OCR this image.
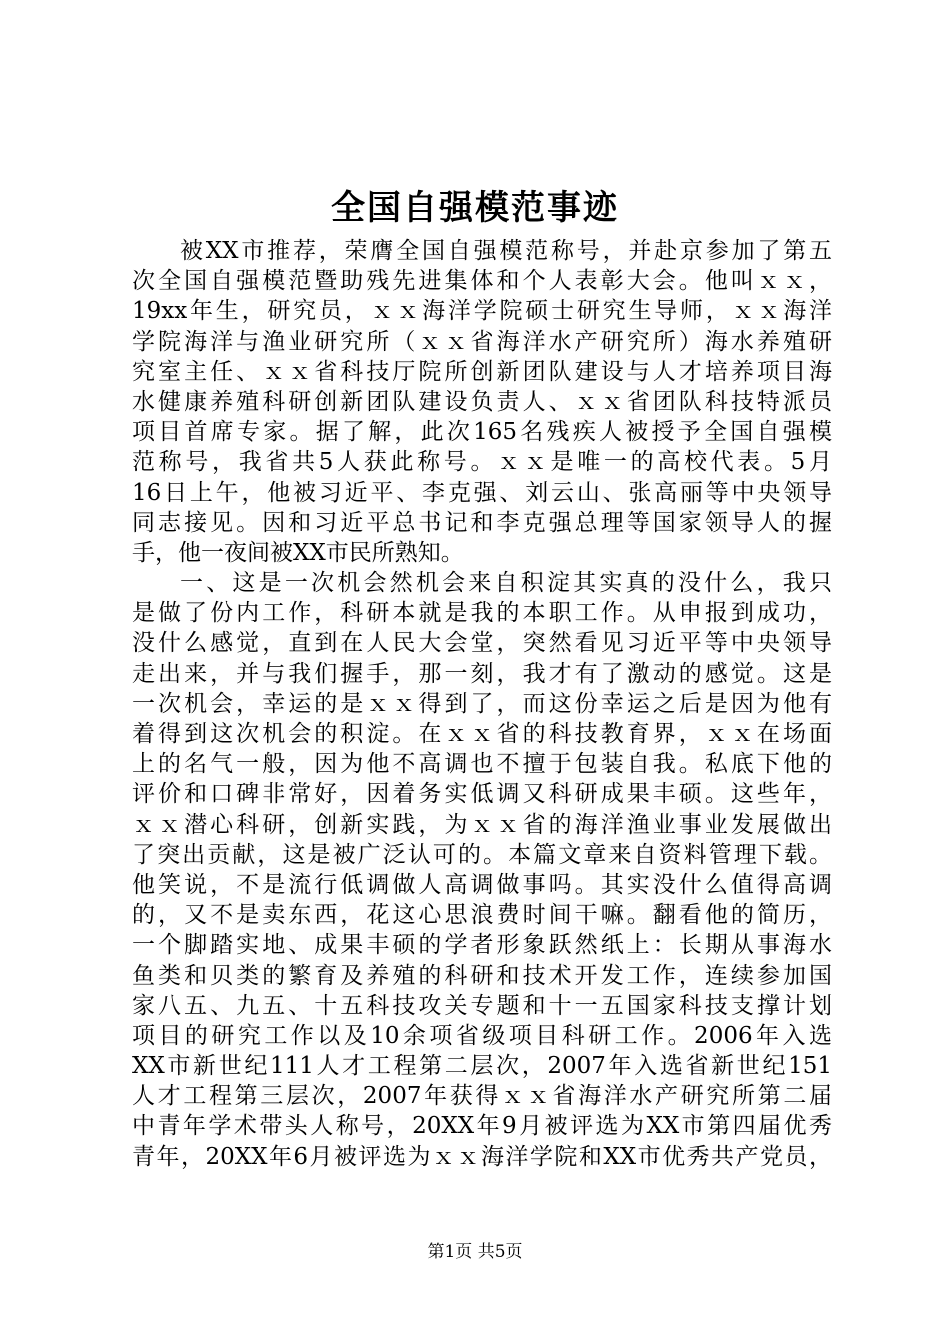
全国自强模范事迹
被XX市推荐，荣膺全国自强模范称号，并赴京参加了第五
次全国自强模范暨助残先进集体和个人表彰大会。他叫ｘｘ，
19xx年生，研究员，ｘｘ海洋学院硕士研究生导师，ｘｘ海洋
学院海洋与渔业研究所（ｘｘ省海洋水产研究所）海水养殖研
究室主任、ｘｘ省科技厅院所创新团队建设与人才培养项目海
水健康养殖科研创新团队建设负责人、ｘｘ省团队科技特派员
项目首席专家。据了解，此次165名残疾人被授予全国自强模
范称号，我省共5人获此称号。ｘｘ是唯一的高校代表。5月
16日上午，他被习近平、李克强、刘云山、张高丽等中央领导
同志接见。因和习近平总书记和李克强总理等国家领导人的握
手，他一夜间被XX市民所熟知。
一、这是一次机会然机会来自积淀其实真的没什么，我只
是做了份内工作，科研本就是我的本职工作。从申报到成功，
没什么感觉，直到在人民大会堂，突然看见习近平等中央领导
走出来，并与我们握手，那一刻，我才有了激动的感觉。这是
一次机会，幸运的是ｘｘ得到了，而这份幸运之后是因为他有
着得到这次机会的积淀。在ｘｘ省的科技教育界，ｘｘ在场面
上的名气一般，因为他不高调也不擅于包装自我。私底下他的
评价和口碑非常好，因着务实低调又科研成果丰硕。这些年，
ｘｘ潜心科研，创新实践，为ｘｘ省的海洋渔业事业发展做出
了突出贡献，这是被广泛认可的。本篇文章来自资料管理下载。
他笑说，不是流行低调做人高调做事吗。其实没什么值得高调
的，又不是卖东西，花这心思浪费时间干嘛。翻看他的简历，
一个脚踏实地、成果丰硕的学者形象跃然纸上：长期从事海水
鱼类和贝类的繁育及养殖的科研和技术开发工作，连续参加国
家八五、九五、十五科技攻关专题和十一五国家科技支撑计划
项目的研究工作以及10余项省级项目科研工作。2006年入选
XX市新世纪111人才工程第二层次，2007年入选省新世纪151
人才工程第三层次，2007年获得ｘｘ省海洋水产研究所第二届
中青年学术带头人称号，20XX年9月被评选为XX市第四届优秀
青年，20XX年6月被评选为ｘｘ海洋学院和XX市优秀共产党员，
第1页 共5页
